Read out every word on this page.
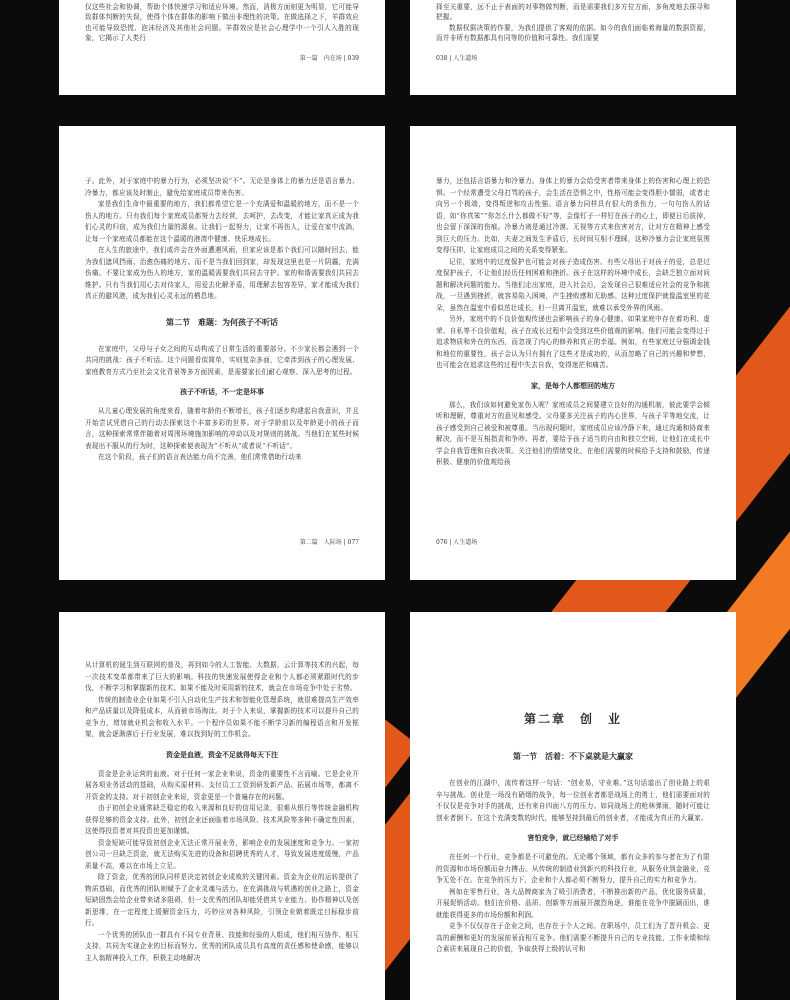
仅这些社会和协调，帮助个体快速学习和适应环境。然而，消极方面则更为明显，它可能导致群体判断的失误，使得个体在群体的影响下做出非理性的决策。在做选择之下，羊群效应也可能导致恐慌、泡沫经济及其他社会问题。羊群效应是社会心理学中一个引人入胜的现象，它揭示了人类行

第一篇　内在场 | 039

择至关重要，远不止于表面的对事物做判断，而是需要我们多方位方面，多角度地去探寻和把握。

数据权据决策的作要，为我们提供了客观的依据。如今的我们面临着海量的数据资源，而并非所有数据都具有同等的价值和可靠性。我们需要

038 | 人生道场

子。此外，对于家庭中的暴力行为，必须坚决说“不”。无论是身体上的暴力还是语言暴力、冷暴力，都应该及时制止，避免给家庭成员带来伤害。

家是我们生命中最重要的地方，我们都希望它是一个充满爱和温暖的地方，而不是一个伤人的地方。只有我们每个家庭成员都努力去经营，去呵护，去改变，才能让家真正成为我们心灵的归宿，成为我们力量的源泉。让我们一起努力，让家不再伤人，让爱在家中流淌，让每一个家庭成员都能在这个温暖的港湾中健康、快乐地成长。

在人生的旅途中，我们或许会在外面遭遇风雨，但家应该是那个我们可以随时回去，能为我们遮风挡雨、治愈伤痛的地方。而不是当我们回到家，却发现这里也是一片阴霾，充满伤痛。不要让家成为伤人的地方，家的温暖需要我们共同去守护。家的和谐需要我们共同去维护。只有当我们用心去对待家人，用爱去化解矛盾，用理解去包容差异，家才能成为我们真正的避风港，成为我们心灵永远的栖息地。

第二节　难题：为何孩子不听话

在家庭中，父母与子女之间的互动构成了日常生活的重要部分。不少家长都会遇到一个共同的挑战：孩子不听话。这个问题看似简单，实则复杂多面，它牵涉到孩子的心理发展、家庭教育方式乃至社会文化背景等多方面因素，是需要家长们耐心观察、深入思考的过程。

孩子不听话，不一定是坏事

从儿童心理发展的角度来看，随着年龄的不断增长，孩子们逐步构建起自我意识，并且开始尝试凭借自己的行动去探索这个丰富多彩的世界。对于学龄前以及年龄更小的孩子而言，这种探索常常伴随着对周围环境施加影响的冲动以及对规则的挑战。当他们在某些时候表现出不服从的行为时，这种探索便表现为“不听从”或者说“不听话”。

在这个阶段，孩子们的语言表达能力尚不完善，他们常常借助行动来

第二篇　人际场 | 077

暴力，还包括言语暴力和冷暴力。身体上的暴力会给受害者带来身体上的伤害和心理上的恐惧。一个经常遭受父母打骂的孩子，会生活在恐惧之中，性格可能会变得胆小懦弱，或者走向另一个极端，变得叛逆和攻击性强。语言暴力同样具有很大的杀伤力，一句句伤人的话语，如“你真笨”“你怎么什么都做不好”等，会像钉子一样钉在孩子的心上，即便日后拔掉，也会留下深深的伤痕。冷暴力则是通过冷漠、无视等方式来伤害对方，让对方在精神上感受到巨大的压力。比如，夫妻之间发生矛盾后，长时间互相不理睬，这种冷暴力会让家庭氛围变得压抑，让家庭成员之间的关系变得紧张。

记住，家庭中的过度保护也可能会对孩子造成伤害。有些父母出于对孩子的爱，总是过度保护孩子，不让他们经历任何困难和挫折。孩子在这样的环境中成长，会缺乏独立面对问题和解决问题的能力。当他们走出家庭，进入社会后，会发现自己很难适应社会的竞争和挑战，一旦遇到挫折，就容易陷入困境，产生挫败感和无助感。这种过度保护就像温室里的花朵，虽然在温室中看似茁壮成长，但一旦离开温室，就难以承受外界的风雨。

另外，家庭中的不良价值观传递也会影响孩子的身心健康。如果家庭中存在着功利、虚荣、自私等不良价值观，孩子在成长过程中会受到这些价值观的影响。他们可能会变得过于追求物质和外在的东西，而忽视了内心的修养和真正的幸福。例如，有些家庭过分强调金钱和地位的重要性，孩子会认为只有拥有了这些才是成功的，从而忽略了自己的兴趣和梦想，也可能会在追求这些的过程中失去自我，变得迷茫和痛苦。

家，是每个人都想回的地方

那么，我们该如何避免家伤人呢？家庭成员之间要建立良好的沟通机制，彼此要学会倾听和理解，尊重对方的意见和感受。父母要多关注孩子的内心世界，与孩子平等地交流，让孩子感受到自己被爱和被尊重。当出现问题时，家庭成员应该冷静下来，通过沟通和协商来解决，而不是互相指责和争吵。再者，要给予孩子适当的自由和独立空间，让他们在成长中学会自我管理和自我决策。关注他们的情绪变化，在他们需要的时候给予支持和鼓励，传递积极、健康的价值观给孩

076 | 人生道场

从计算机的诞生到互联网的普及，再到如今的人工智能、大数据、云计算等技术的兴起，每一次技术变革都带来了巨大的影响。科技的快速发展使得企业和个人都必须紧跟时代的步伐，不断学习和掌握新的技术。如果不能及时采用新的技术，就会在市场竞争中处于劣势。

传统的制造业企业如果不引入自动化生产技术和智能化管理系统，就很难提高生产效率和产品质量以及降低成本，从而被市场淘汰。对于个人来说，掌握新的技术可以提升自己的竞争力，增加就业机会和收入水平。一个程序员如果不能不断学习新的编程语言和开发框架，就会逐渐落后于行业发展，难以找到好的工作机会。

资金是血液，资金不足就得每天下注

资金是企业运营的血液。对于任何一家企业来说，资金的重要性不言而喻。它是企业开展各项业务活动的基础，从购买原材料、支付员工工资到研发新产品、拓展市场等，都离不开资金的支持。对于初创企业来说，资金更是一个普遍存在的问题。

由于初创企业通常缺乏稳定的收入来源和良好的信用记录，很难从银行等传统金融机构获得足够的资金支持。此外，初创企业还面临着市场风险、技术风险等多种不确定性因素，这使得投资者对其投资也更加谨慎。

资金短缺可能导致初创企业无法正常开展业务，影响企业的发展速度和竞争力。一家初创公司一旦缺乏资金，就无法购买先进的设备和招聘优秀的人才，导致发展进度缓慢，产品质量不高，难以在市场上立足。

除了资金，优秀的团队同样是决定初创企业成败的关键因素。资金为企业的运转提供了物质基础，而优秀的团队则赋予了企业灵魂与活力。在充满挑战与机遇的创业之路上，资金短缺固然会给企业带来诸多阻碍，但一支优秀的团队却能凭借其专业能力、协作精神以及创新思维，在一定程度上缓解资金压力，巧妙应对各种风险，引领企业朝着既定目标稳步前行。

一个优秀的团队由一群具有不同专业背景、技能和经验的人组成，他们相互协作、相互支持，共同为实现企业的目标而努力。优秀的团队成员具有高度的责任感和使命感，能够以主人翁精神投入工作，积极主动地解决

第二章　创　业
第一节　活着：不下桌就是大赢家

在创业的江湖中，流传着这样一句话：“创业易，守业难。”这句话道出了创业路上的艰辛与挑战。创业是一场没有硝烟的战争，每一位创业者都是战场上的勇士，他们需要面对的不仅仅是竞争对手的挑战，还有来自四面八方的压力。如同战场上的枪林弹雨，随时可能让创业者倒下。在这个充满变数的时代，能够坚持到最后的创业者，才能成为真正的大赢家。

害怕竞争，就已经输给了对手

在任何一个行业，竞争都是不可避免的。无论哪个领域，都有众多的参与者在为了有限的资源和市场份额而奋力搏击。从传统的制造业到新兴的科技行业，从服务业到金融业，竞争无处不在。在竞争的压力下，企业和个人都必须不断努力，提升自己的实力和竞争力。

例如在零售行业，各大品牌商家为了吸引消费者，不断推出新的产品，优化服务质量，开展促销活动。他们在价格、品质、创新等方面展开激烈角逐，谁能在竞争中脱颖而出，谁就能获得更多的市场份额和利润。

竞争不仅仅存在于企业之间，也存在于个人之间。在职场中，员工们为了晋升机会、更高的薪酬和更好的发展前景而相互竞争。他们需要不断提升自己的专业技能，工作业绩和综合素质来展现自己的价值，争取获得上级的认可和
